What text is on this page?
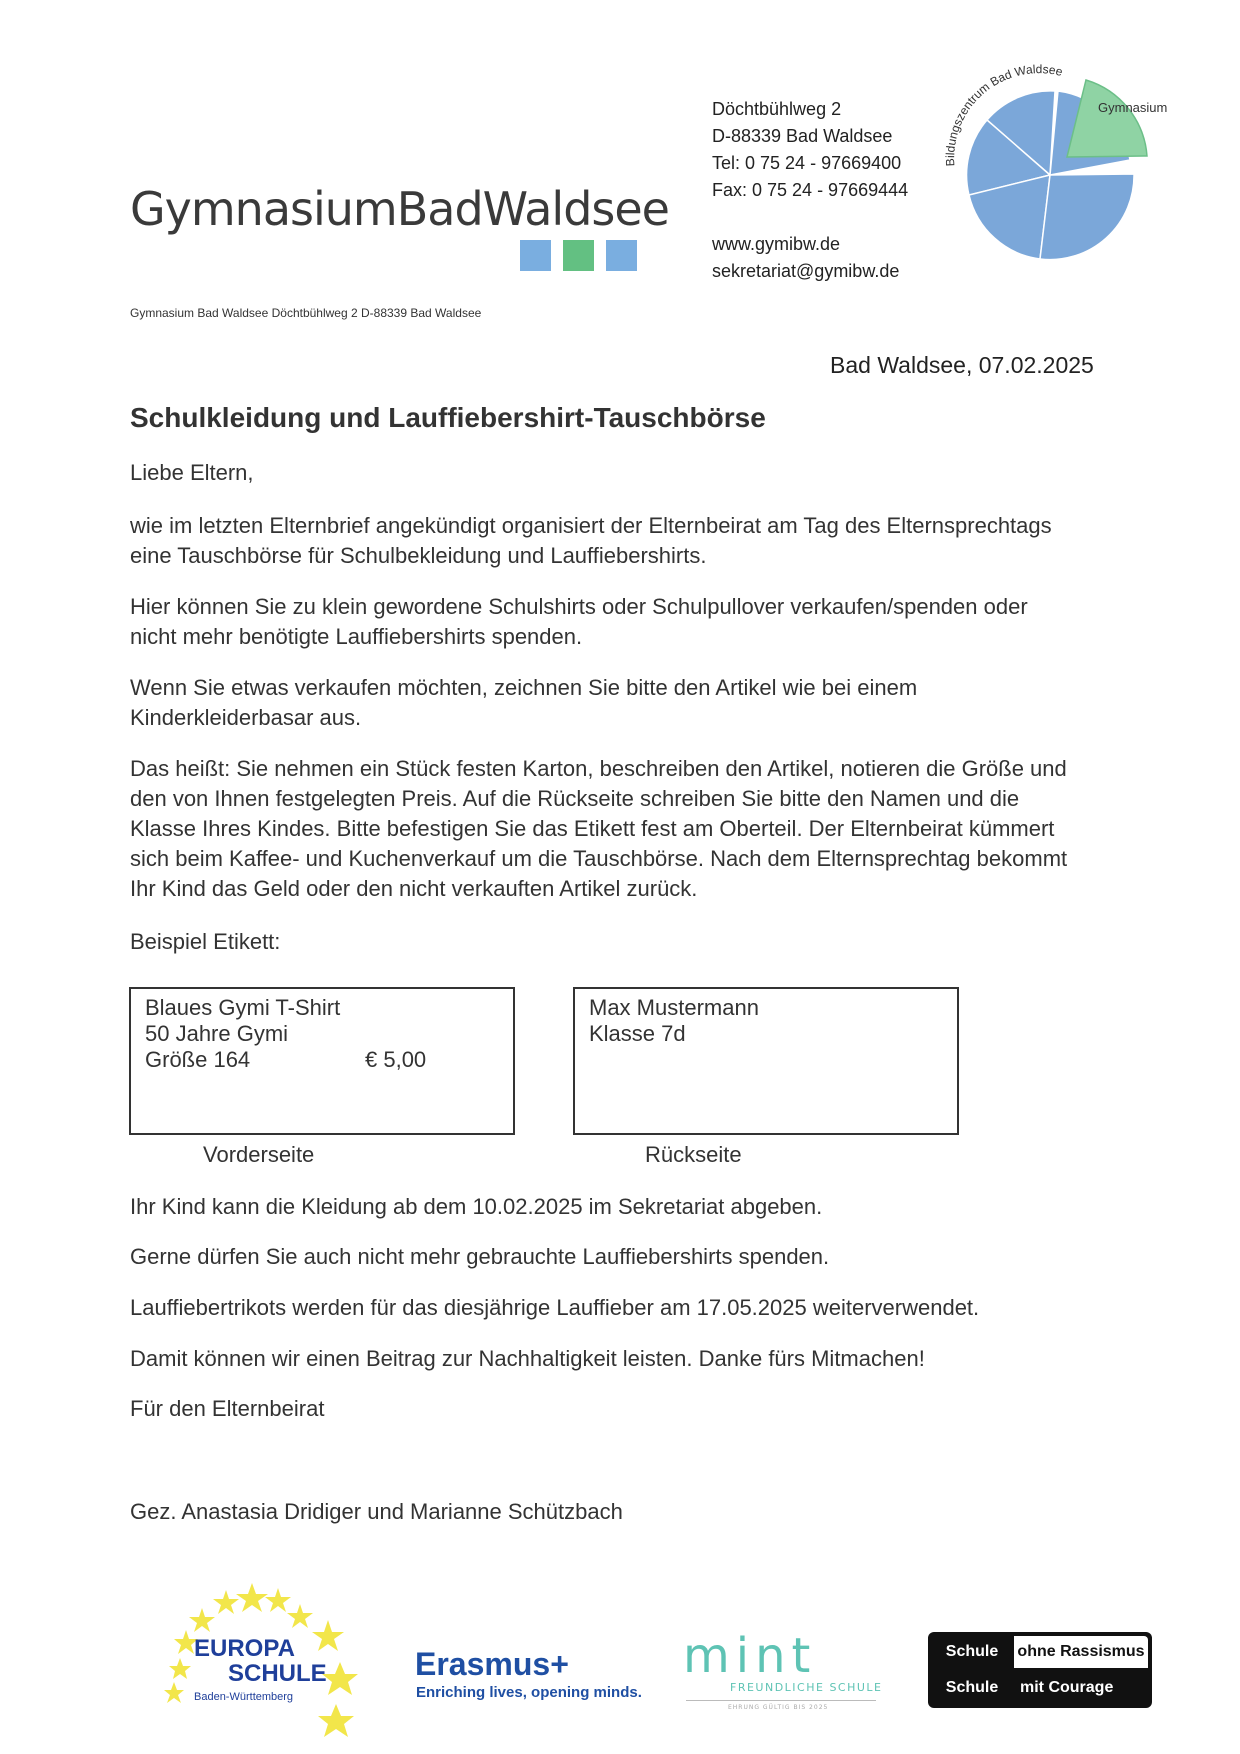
GymnasiumBadWaldsee
Döchtbühlweg 2
D-88339 Bad Waldsee
Tel: 0 75 24 - 97669400
Fax: 0 75 24 - 97669444
www.gymibw.de
sekretariat@gymibw.de
Bildungszentrum Bad Waldsee
Gymnasium
Gymnasium Bad Waldsee Döchtbühlweg 2 D-88339 Bad Waldsee
Bad Waldsee, 07.02.2025
Schulkleidung und Lauffiebershirt-Tauschbörse
Liebe Eltern,
wie im letzten Elternbrief angekündigt organisiert der Elternbeirat am Tag des Elternsprechtags eine Tauschbörse für Schulbekleidung und Lauffiebershirts.
Hier können Sie zu klein gewordene Schulshirts oder Schulpullover verkaufen/spenden oder nicht mehr benötigte Lauffiebershirts spenden.
Wenn Sie etwas verkaufen möchten, zeichnen Sie bitte den Artikel wie bei einem Kinderkleiderbasar aus.
Das heißt: Sie nehmen ein Stück festen Karton, beschreiben den Artikel, notieren die Größe und den von Ihnen festgelegten Preis. Auf die Rückseite schreiben Sie bitte den Namen und die Klasse Ihres Kindes. Bitte befestigen Sie das Etikett fest am Oberteil. Der Elternbeirat kümmert sich beim Kaffee- und Kuchenverkauf um die Tauschbörse. Nach dem Elternsprechtag bekommt Ihr Kind das Geld oder den nicht verkauften Artikel zurück.
Beispiel Etikett:
Blaues Gymi T-Shirt
50 Jahre Gymi
Größe 164	€ 5,00
Vorderseite
Max Mustermann
Klasse 7d
Rückseite
Ihr Kind kann die Kleidung ab dem 10.02.2025 im Sekretariat abgeben.
Gerne dürfen Sie auch nicht mehr gebrauchte Lauffiebershirts spenden.
Lauffiebertrikots werden für das diesjährige Lauffieber am 17.05.2025 weiterverwendet.
Damit können wir einen Beitrag zur Nachhaltigkeit leisten. Danke fürs Mitmachen!
Für den Elternbeirat
Gez. Anastasia Dridiger und Marianne Schützbach
EUROPA
SCHULE
Baden-Württemberg
Erasmus+
Enriching lives, opening minds.
mint
FREUNDLICHE SCHULE
EHRUNG GÜLTIG BIS 2025
Schule	ohne Rassismus
Schule	mit Courage
